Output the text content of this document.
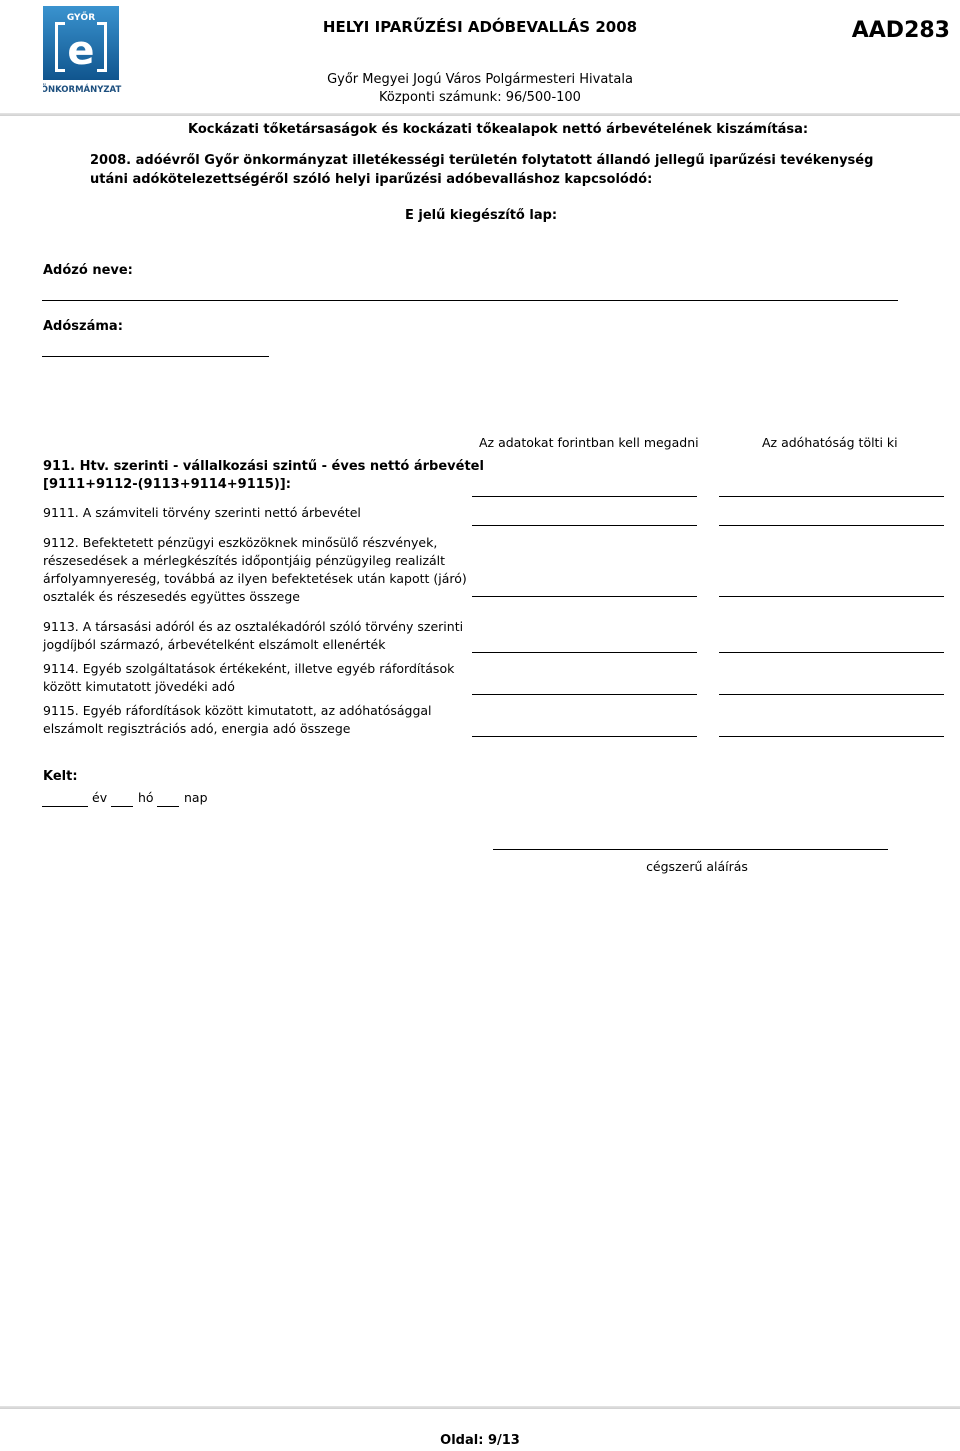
GYŐR
e
ÖNKORMÁNYZAT
HELYI IPARŰZÉSI ADÓBEVALLÁS 2008	AAD283
Győr Megyei Jogú Város Polgármesteri Hivatala
Központi számunk: 96/500-100
Kockázati tőketársaságok és kockázati tőkealapok nettó árbevételének kiszámítása:
2008. adóévről Győr önkormányzat illetékességi területén folytatott állandó jellegű iparűzési tevékenység
utáni adókötelezettségéről szóló helyi iparűzési adóbevalláshoz kapcsolódó:
E jelű kiegészítő lap:
Adózó neve:
Adószáma:
Az adatokat forintban kell megadni	Az adóhatóság tölti ki
911. Htv. szerinti - vállalkozási szintű - éves nettó árbevétel
[9111+9112-(9113+9114+9115)]:
9111. A számviteli törvény szerinti nettó árbevétel
9112. Befektetett pénzügyi eszközöknek minősülő részvények,
részesedések a mérlegkészítés időpontjáig pénzügyileg realizált
árfolyamnyereség, továbbá az ilyen befektetések után kapott (járó)
osztalék és részesedés együttes összege
9113. A társasási adóról és az osztalékadóról szóló törvény szerinti
jogdíjból származó, árbevételként elszámolt ellenérték
9114. Egyéb szolgáltatások értékeként, illetve egyéb ráfordítások
között kimutatott jövedéki adó
9115. Egyéb ráfordítások között kimutatott, az adóhatósággal
elszámolt regisztrációs adó, energia adó összege
Kelt:
év hó nap
cégszerű aláírás
Oldal: 9/13
